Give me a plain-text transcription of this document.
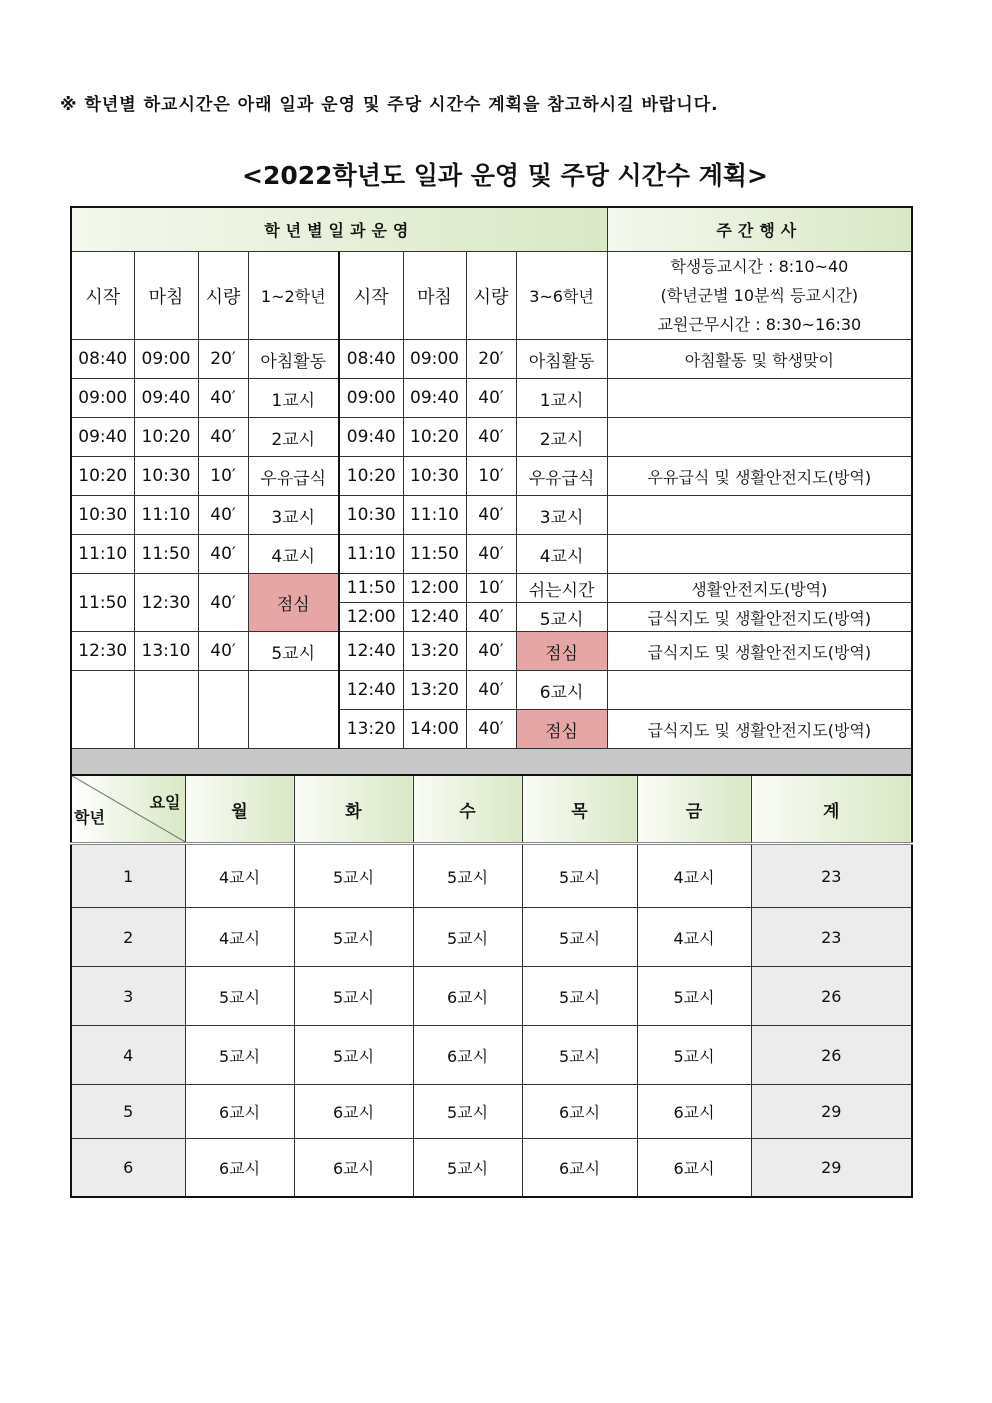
※ 학년별 하교시간은 아래 일과 운영 및 주당 시간수 계획을 참고하시길 바랍니다.
<2022학년도 일과 운영 및 주당 시간수 계획>
학년별일과운영								주간행사
시작	마침	시량	1~2학년	시작	마침	시량	3~6학년	학생등교시간 : 8:10~40
(학년군별 10분씩 등교시간)
교원근무시간 : 8:30~16:30

08:40	09:00	20′	아침활동	08:40	09:00	20′	아침활동	아침활동 및 학생맞이
09:00	09:40	40′	1교시	09:00	09:40	40′	1교시	
09:40	10:20	40′	2교시	09:40	10:20	40′	2교시	
10:20	10:30	10′	우유급식	10:20	10:30	10′	우유급식	우유급식 및 생활안전지도(방역)
10:30	11:10	40′	3교시	10:30	11:10	40′	3교시	
11:10	11:50	40′	4교시	11:10	11:50	40′	4교시	
11:50	12:30	40′	점심	11:50	12:00	10′	쉬는시간	생활안전지도(방역)
				12:00	12:40	40′	5교시	급식지도 및 생활안전지도(방역)
12:30	13:10	40′	5교시	12:40	13:20	40′	점심	급식지도 및 생활안전지도(방역)
				12:40	13:20	40′	6교시	
				13:20	14:00	40′	점심	급식지도 및 생활안전지도(방역)

요일
학년	월	화	수	목	금	계
1	4교시	5교시	5교시	5교시	4교시	23
2	4교시	5교시	5교시	5교시	4교시	23
3	5교시	5교시	6교시	5교시	5교시	26
4	5교시	5교시	6교시	5교시	5교시	26
5	6교시	6교시	5교시	6교시	6교시	29
6	6교시	6교시	5교시	6교시	6교시	29
